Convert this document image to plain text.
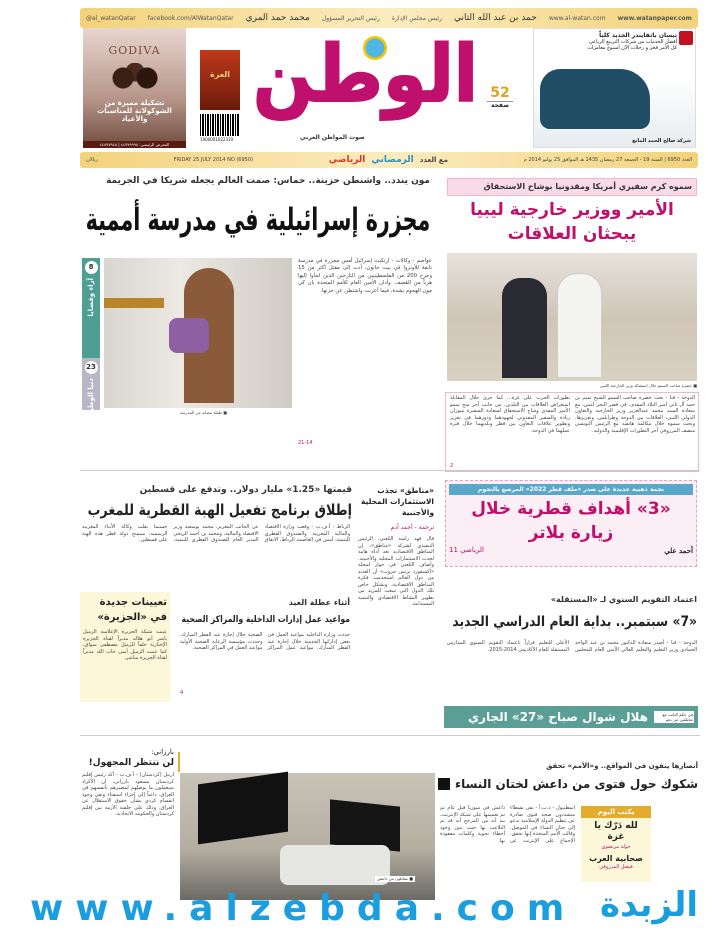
@al_watanQatar facebook.com/AlWatanQatar محمد حمد المري رئيس التحرير المسؤول رئيس مجلس الإدارة حمد بن عبد الله الثاني www.al-watan.com www.watanpaper.com
GODIVA
تشكيلة مميزة من الشوكولاتة للمناسبات والأعياد
المعرض الرئيسي: ٤٤٧٧٩٩٩٨ | ٤٤٨٧٧٩٤٥
العزة
1900001022319
الوطن
صوت المواطن العربي
52
صفحة
نيسان باثفايندر الجديد كلياً
أفضل الخدمات من شركات التربيع الرباعي
كل الأمر فخر و رحلات الآن أسبوع مغامرات
شركة صالح الحمد المانع
العدد 6950 | السنة 19 - الجمعة 27 رمضان 1435 هـ الموافق 25 يوليو 2014 م
مع العدد
الرمضاني
الرياضي
FRIDAY 25 JULY 2014 NO (6950)
ريالان
سموه كرم سفيري أمريكا ومقدونيا بوشاح الاستحقاق
الأمير ووزير خارجية ليبيا يبحثان العلاقات
■ حضرة صاحب السمو خلال استقباله وزير الخارجية الليبي
الدوحة - قنا - بحث حضرة صاحب السمو الشيخ تميم بن حمد آل ثاني أمير البلاد المفدى، في قصر البحر أمس، مع سعادة السيد محمد عبدالعزيز وزير الخارجية والتعاون الدولي الليبي، العلاقات بين الدوحة وطرابلس، وتعزيزها. وبحث سموه خلال مكالمة هاتفية مع الرئيس التونسي منصف المرزوقي آخر التطورات الإقليمية والدولية.
تطورات الحرب على غزة... كما جرى خلال المقابلة استعراض العلاقات بين البلدين. من جانب آخر منح سمو الأمير المفدى وشاح الاستحقاق لسعادة السفيرة سوزان زيادة والسفير المقدوني لجهودهما ودورهما في تعزيز وتطوير علاقات التعاون بين قطر وبلديهما خلال فترة عملهما في الدوحة.
2
مون يندد.. واشنطن حزينة.. حماس: صمت العالم يجعله شريكا في الجريمة
مجزرة إسرائيلية في مدرسة أممية
8
آراء وقضايا
23
دنيا الوطن	■ طفلة مصابة من المدرسة
عواصم - وكالات - ارتكبت إسرائيل أمس مجزرة في مدرسة تابعة للأونروا في بيت حانون، أدت إلى مقتل أكثر من 15 وجرح 200 من الفلسطينيين من النازحين الذين لجأوا إليها هرباً من القصف. وأدان الأمين العام للأمم المتحدة بان كي مون الهجوم بشدة، فيما أعربت واشنطن عن حزنها.
21-14
نجمة ذهبية جديدة على صدر «ملف قطر 2022» المرصع بالنجوم
«3» أهداف قطرية خلال زيارة بلاتر
أحمد علي
الرياضي 11
اعتماد التقويم السنوي لـ «المستقلة»
«7» سبتمبر.. بداية العام الدراسي الجديد
الدوحة - قنا - أصدر سعادة الدكتور محمد بن عبد الواحد الحمادي وزير التعليم والتعليم العالي الأمين العام للمجلس الأعلى للتعليم قراراً باعتماد التقويم السنوي للمدارس المستقلة للعام الأكاديمي 2014-2015.
في حكم الثابت مع مختلفين من بحو
هلال شوال صباح «27» الجاري
«مناطق» تجذب الاستثمارات المحلية والأجنبية
ترجمة - أحمد آدم
قال فهد راشد الكعبي، الرئيس التنفيذي لشركة «مناطق»، إن المناطق الاقتصادية تعد أداة هامة لجذب الاستثمارات المحلية والأجنبية. وأضاف الكعبي في حوار لمجلة «أكسفورد بزنس جروب» أن العديد من دول العالم استخدمت فكرة المناطق الاقتصادية، وبشكل خاص تلك الدول التي سعت للمزيد من تطوير النشاط الاقتصادي والتنمية المستدامة.
قيمتها «1.25» مليار دولار.. وتدفع على قسطين
إطلاق برنامج تفعيل الهبة القطرية للمغرب
الرباط - أ.ف.ب - وقعت وزارة الاقتصاد والمالية المغربية والصندوق القطري للتنمية، أمس في العاصمة الرباط، الاتفاق عن الجانب المغربي محمد بوسعيد وزير الاقتصاد والمالية، ومحمد بن أحمد الريخي المدير العام للصندوق القطري للتنمية. حسبما نقلت وكالة الأنباء المغربية الرسمية، ستمنح دولة قطر هذه الهبة على قسطين.
أثناء عطلة العيد
مواعيد عمل إدارات الداخلية والمراكز الصحية
حددت وزارة الداخلية مواعيد العمل في بعض إداراتها الخدمية خلال إجازة عيد الفطر المبارك. مواعيد عمل المراكز الصحية خلال إجازة عيد الفطر المبارك، وحددت مؤسسة الرعاية الصحية الأولية مواعيد العمل في المراكز الصحية.
4
تعيينات جديدة في «الجزيرة»
عينت شبكة الجزيرة الإعلامية الزميل ياسر أبو هلالة مديراً لقناة الجزيرة الإخبارية خلفاً للزميل مصطفى سواق، كما عينت الزميل أيمن جاب الله مديراً لقناة الجزيرة مباشر.
أنصارها ينفون في المواقع.. و«الأمم» تحقق
شكوك حول فتوى من داعش لختان النساء
اسطنبول - د.ب.أ - نفى نشطاء متشددون صحة فتوى صادرة عن تنظيم الدولة الإسلامية تدعو إلى ختان النساء في الموصل. وقالت الأمم المتحدة إنها تحقق. الإجماع على الإنترنت عن داعش في سوريا قبل عام ثم تم تعميمها على شبكة الإنترنت، بيد أنه من المرجح أنه قد تم التلاعب بها حيث تبين وجود أخطاء نحوية وكلمات مفقودة بها.
يكتب اليوم
لله دَرّك يا غزة
خولة مرتضوي
صحابية العرب
فيصل المرزوقي
■ مقاتلون من داعش
بارزاني:
لن ننتظر المجهول!
اربيل (كردستان) - أ.ف.ب - أكد رئيس إقليم كردستان مسعود بارزاني، أن الأكراد سيعملون ما يوصلهم لمصيرهم بأنفسهم في العراق، داعياً إلى إجراء استفتاء وتقي وجود انقسام كردي بشأن حقوق الاستقلال عن العراق، وذلك على خلفية الأزمة بين إقليم كردستان والحكومة الاتحادية.
www.alzebda.com الزبدة
